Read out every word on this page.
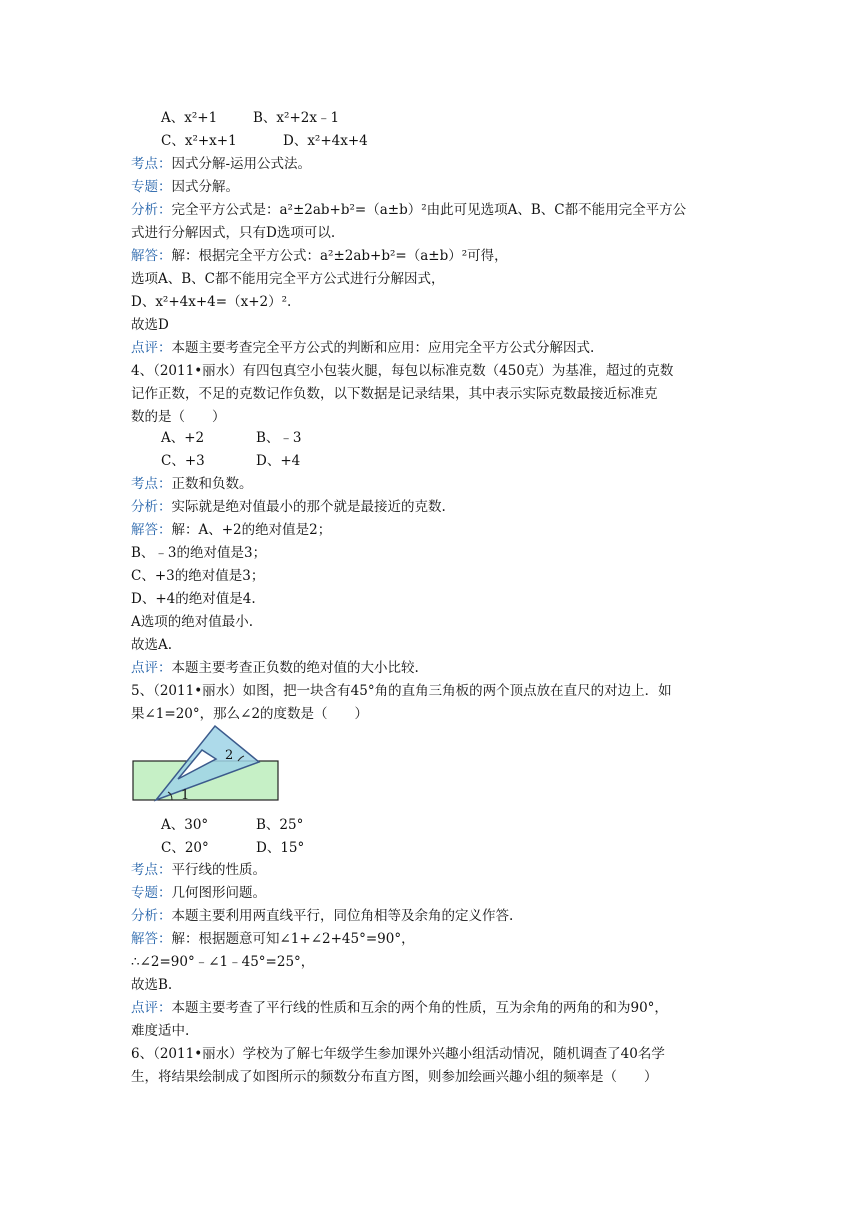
A、x²+1	B、x²+2x﹣1
C、x²+x+1	D、x²+4x+4
考点：因式分解-运用公式法。
专题：因式分解。
分析：完全平方公式是：a²±2ab+b²=（a±b）²由此可见选项A、B、C都不能用完全平方公
式进行分解因式，只有D选项可以.
解答：解：根据完全平方公式：a²±2ab+b²=（a±b）²可得，
选项A、B、C都不能用完全平方公式进行分解因式，
D、x²+4x+4=（x+2）².
故选D
点评：本题主要考查完全平方公式的判断和应用：应用完全平方公式分解因式.
4、（2011•丽水）有四包真空小包装火腿，每包以标准克数（450克）为基准，超过的克数
记作正数，不足的克数记作负数，以下数据是记录结果，其中表示实际克数最接近标准克
数的是（　　）
A、+2	B、﹣3
C、+3	D、+4
考点：正数和负数。
分析：实际就是绝对值最小的那个就是最接近的克数.
解答：解：A、+2的绝对值是2；
B、﹣3的绝对值是3；
C、+3的绝对值是3；
D、+4的绝对值是4.
A选项的绝对值最小.
故选A.
点评：本题主要考查正负数的绝对值的大小比较.
5、（2011•丽水）如图，把一块含有45°角的直角三角板的两个顶点放在直尺的对边上．如
果∠1=20°，那么∠2的度数是（　　）
1
2
A、30°	B、25°
C、20°	D、15°
考点：平行线的性质。
专题：几何图形问题。
分析：本题主要利用两直线平行，同位角相等及余角的定义作答.
解答：解：根据题意可知∠1+∠2+45°=90°，
∴∠2=90°﹣∠1﹣45°=25°，
故选B.
点评：本题主要考查了平行线的性质和互余的两个角的性质，互为余角的两角的和为90°，
难度适中.
6、（2011•丽水）学校为了解七年级学生参加课外兴趣小组活动情况，随机调查了40名学
生，将结果绘制成了如图所示的频数分布直方图，则参加绘画兴趣小组的频率是（　　）
